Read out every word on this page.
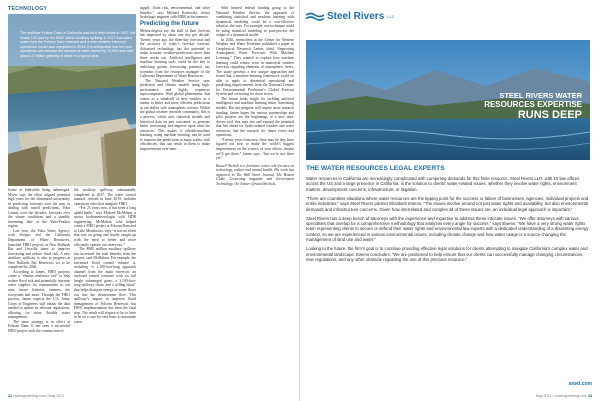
TECHNOLOGY
The multiuse Folsom Dam in California was built after floods in 1937; the nearly 100-foot by the $900 million auxiliary spillway in 2017 that takes water from the Folsom Dam reservoir and a new weather-informed operations model was completed in 2019. It is anticipated that the new operations will increase the amount of water stored by 70,000 acre-feet (about 27 billion gallons) of water in a typical year.

house of bulkwhile being submerged. Myers says the effort aligned potential high years for the eliminated uncertainty in predicting forecasts over the past in dealing with runoff predictions, Yuba County over the decades, forecasts over the winter conditions and a steadily increasing lake at the Yuba-Feather region.

Last year, the Yuba Water Agency, with Scripps and the California Department of Water Resources, launched FIRO projects at New Bullards Bar and Oroville dams to improve forecasting and reduce flood risk. A new auxiliary spillway is also in progress at New Bullards Bar Reservoir, set to be completed by 2026.

According to James, FIRO projects create a “climate resilience tool” to help reduce flood risk and potentially increase water supplies for communities in our area, future fisheries, farmers, the ecosystem and more. Through the FIRO process, James expects the U.S. Army Corps of Engineers will obtain the data needed to update its relevant regulations, allowing for more flexible water management.

The same strategy is in effect at Folsom Dam. It has seen a successful FIRO project with the construction of

the auxiliary spillway, substantially completed in 2017. The water control manual, revised in June 2019, includes operations rules that integrate FIRO.

“For 25 years now, it has been a long uphill battle,” says Michael McMahon, a senior hydrometeorologist with HDR engineering. McMahon, who helped create a FIRO project at Folsom Dam and at Lake Mendocino, says “it was an effort that was on going and finally caught up with the need to better and more efficiently operate our reservoirs.”

The $900 million auxiliary spillway has increased the total benefits from the project, said McMahon. For example, the increased flood control volume is, including “a 1,100-foot-long approach channel from the main reservoir, an enclosed control structure with six full height submerged gates, a 3,100-foot-long spillway chute, and a stilling basin” that helps dissipate energy as water flows out into the downstream flow. This spillway’s impact to improve flood management of Folsom Reservoir, but FIRO implementation has been the final step. The result will require to be to have to be on a case-by-case basis to maximize water

supply, flood risk, environmental, and other benefits,” says Michael Konieczki, senior hydrologic engineer with HDR in Sacramento.

Predicting the future

Meteorologists say the skill of their forecast has improved by about one day per decade. Twenty years ago, the three-day forecasts had the accuracy of today’s five-day forecast. Advanced technology has the potential to make accurate weather-predictions more than three weeks out. Artificial intelligence and machine learning tools could be the key to unlocking greater forecasting potential, say scientists from the resources manager of the California Department of Water Resources.

The National Weather Service uses prediction and climate models using high-performance and highly expensive supercomputers. With global phenomena, that comes as a standstill of new weather as a means to better and more efficient predictions in our ability with atmospheric science. Within the global weather research community, this is a process, which uses statistical models and historical data on past outcomes, to generate better forecasting and improve upon what the resources. This makes it reliable-machine learning, using machine learning, can be used to improve the predictions at many scales, with efficiencies, that can result in them to make improvements over time.

With limited federal funding going to the National Weather Service, the approach of combining statistical and machine learning with dynamical modeling could be a cost-effective solution, she says. For example, one technique could be using statistical modeling to post-process the output of a dynamical model.

In 2020, researchers at the Center for Western Weather and Water Extremes published a paper in Geophysical Research Letters titled “Improving Atmospheric River Forecasts With Machine Learning.” They wanted to explore how machine learning could reduce error in numerical weather forecasts regarding elements of atmospheric rivers. The study presents a few unique approaches and found that a machine-learning framework could be able to apply to dynamical operational and predicting improvements from the National Centers for Environmental Prediction’s Global Forecast System and correcting for those errors.

The future looks bright for tackling artificial intelligence and machine learning better forecasting models. But any progress will require more research funding. James hopes the various partnerships and pilot projects are the beginnings of a new data-driven tool, that may test and expand the potential that lies ahead for hydro-related weather and water resources, that the research for future rivers and operations.

“Twenty years from now, there may be they have figured out how to make the world’s biggest improvement on the science of your efforts, maybe we’ll get there,” James says, “but we’re not there yet.”

Russell Nichols is a freelance writer who focuses on technology, culture and mental health. His work has appeared in The Wall Street Journal, The Boston Globe, Governing magazine and Government Technology. On Twitter @russellnichols.

32 civilengineering.com | May 2021
Steel Rivers LLC
STEEL RIVERS WATER
RESOURCES EXPERTISE
RUNS DEEP
THE WATER RESOURCES LEGAL EXPERTS

Water resources in California are increasingly complicated with competing demands for this finite resource. Steel Rivers LLR, with 10 law offices across the US and a large presence in California, is the solution to clients’ water-related issues, whether they involve water rights, environment matters, development concerns, infrastructure, or litigation.

“There are countless situations where water resources are the tipping point for the success or failure of businesses, agencies, individual projects and entire industries,” says Steel Rivers partner Elizabeth Ewens. “The issues involve around not just water rights and availability, but also environmental demands and infrastructure concerns. Given how interrelated and complex all of these issues are, an individual legal approach is important.”

Steel Rivers has a deep bench of attorneys with the experience and expertise to address these intricate issues. “We offer attorneys with various specialties that overlap for a comprehensive methodology that analyzes every angle for success,” says Ewens. “We have a very strong water rights team representing clients to secure or defend their water rights and environmental law experts with a dedicated understanding of a dissenting energy context, so we are experienced in various environmental issues, including climate change and how water usage is a source changing the management of land use and water.”

Looking to the future, the firm’s goal is to continue providing effective legal solutions for clients attempting to navigate California’s complex water and environmental landscape. Ewens concludes: “We are positioned to help ensure that our clients can successfully manage changing circumstances, new regulations, and any other obstacle regarding the use of this precious resource.”

stoel.com
May 2021 | civilengineering.com 33
